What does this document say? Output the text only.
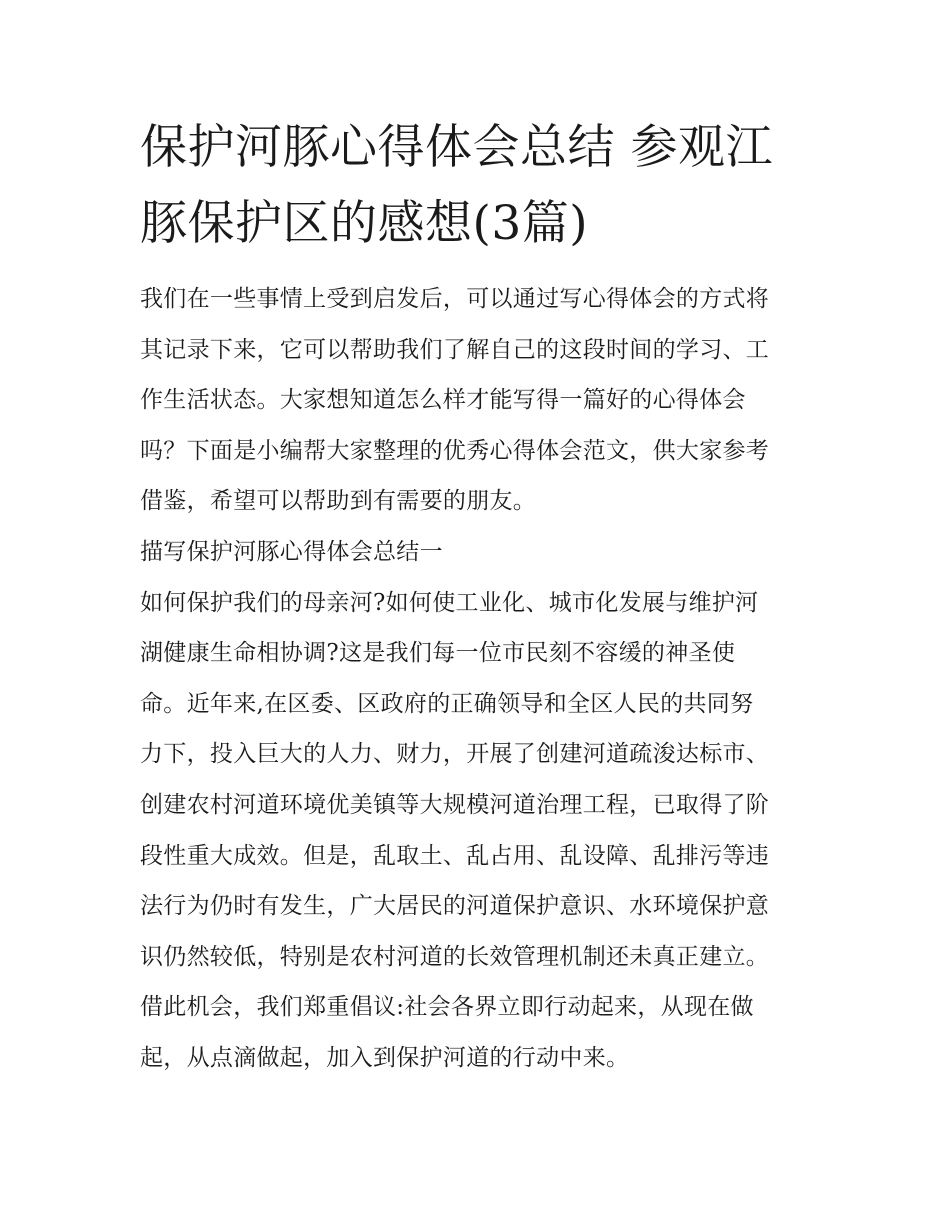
保护河豚心得体会总结 参观江
豚保护区的感想(3篇)

我们在一些事情上受到启发后，可以通过写心得体会的方式将
其记录下来，它可以帮助我们了解自己的这段时间的学习、工
作生活状态。大家想知道怎么样才能写得一篇好的心得体会
吗？下面是小编帮大家整理的优秀心得体会范文，供大家参考
借鉴，希望可以帮助到有需要的朋友。

描写保护河豚心得体会总结一

如何保护我们的母亲河?如何使工业化、城市化发展与维护河
湖健康生命相协调?这是我们每一位市民刻不容缓的神圣使
命。近年来,在区委、区政府的正确领导和全区人民的共同努
力下，投入巨大的人力、财力，开展了创建河道疏浚达标市、
创建农村河道环境优美镇等大规模河道治理工程，已取得了阶
段性重大成效。但是，乱取土、乱占用、乱设障、乱排污等违
法行为仍时有发生，广大居民的河道保护意识、水环境保护意
识仍然较低，特别是农村河道的长效管理机制还未真正建立。
借此机会，我们郑重倡议:社会各界立即行动起来，从现在做
起，从点滴做起，加入到保护河道的行动中来。
